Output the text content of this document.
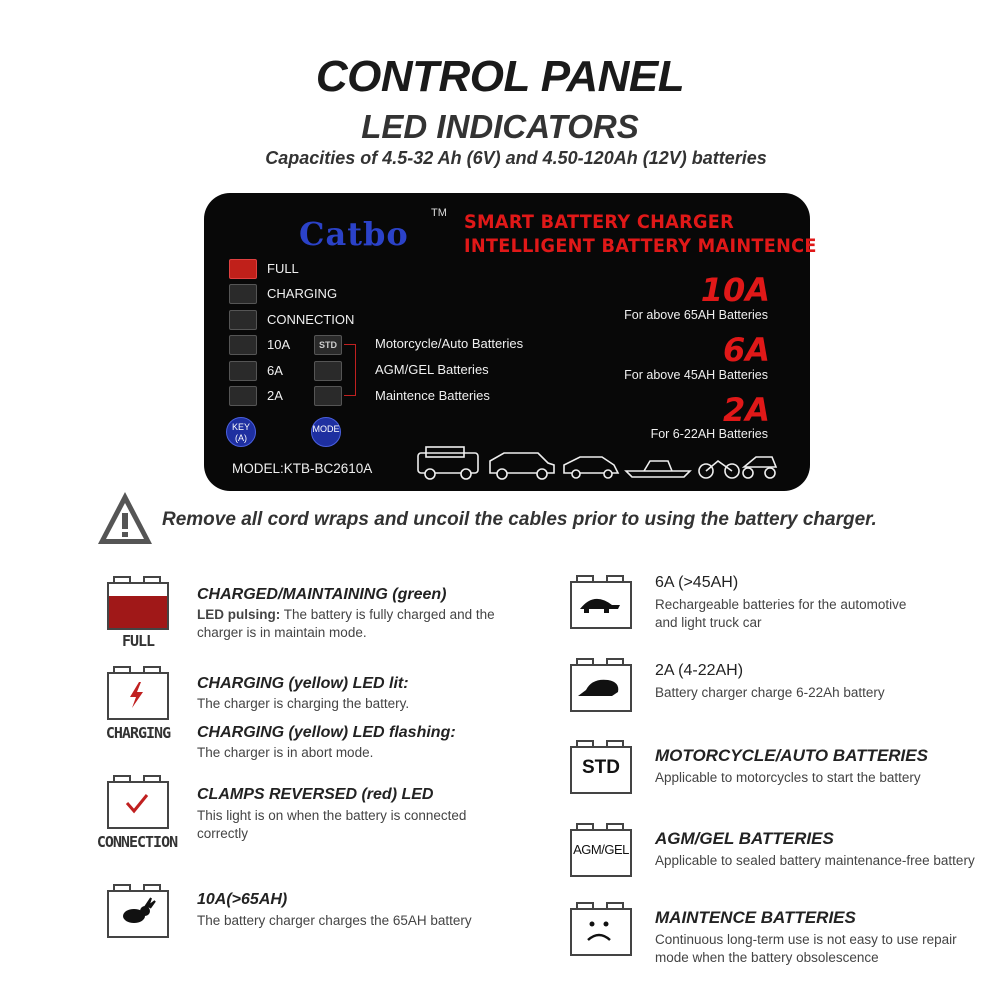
CONTROL PANEL
LED INDICATORS
Capacities of 4.5-32 Ah (6V) and 4.50-120Ah (12V) batteries
Catbo
TM SMART BATTERY CHARGER
INTELLIGENT BATTERY MAINTENCE
FULL
CHARGING
CONNECTION
10A
6A
2A
STD	Motorcycle/Auto Batteries
AGM/GEL Batteries
Maintence Batteries
KEY (A)
MODE
10A
For above 65AH Batteries
6A
For above 45AH Batteries
2A
For 6-22AH Batteries
MODEL:KTB-BC2610A
Remove all cord wraps and uncoil the cables prior to using the battery charger.
FULL
CHARGED/MAINTAINING (green)
LED pulsing: The battery is fully charged and the charger is in maintain mode.
CHARGING
CHARGING (yellow) LED lit:
The charger is charging the battery.
CHARGING (yellow) LED flashing:
The charger is in abort mode.
CONNECTION
CLAMPS REVERSED (red) LED
This light is on when the battery is connected correctly
10A(>65AH)
The battery charger charges the 65AH battery
6A (>45AH)
Rechargeable batteries for the automotive and light truck car
2A (4-22AH)
Battery charger charge 6-22Ah battery
STD
MOTORCYCLE/AUTO BATTERIES
Applicable to motorcycles to start the battery
AGM/GEL
AGM/GEL BATTERIES
Applicable to sealed battery maintenance-free battery
MAINTENCE BATTERIES
Continuous long-term use is not easy to use repair mode when the battery obsolescence
